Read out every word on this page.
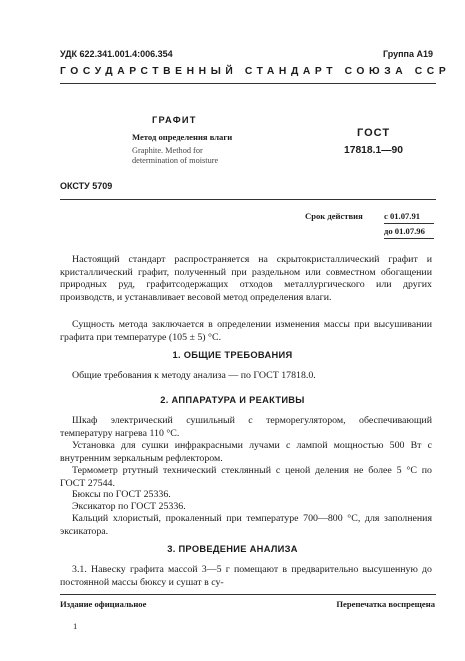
УДК 622.341.001.4:006.354	Группа А19
ГОСУДАРСТВЕННЫЙ СТАНДАРТ СОЮЗА ССР
ГРАФИТ
Метод определения влаги
Graphite. Method for
determination of moisture
ГОСТ
17818.1—90
ОКСТУ 5709
Срок действия с 01.07.91
до 01.07.96
Настоящий стандарт распространяется на скрытокристаллический графит и кристаллический графит, полученный при раздельном или совместном обогащении природных руд, графитсодержащих отходов металлургического или других производств, и устанавливает весовой метод определения влаги.
Сущность метода заключается в определении изменения массы при высушивании графита при температуре (105 ± 5) °С.
1. ОБЩИЕ ТРЕБОВАНИЯ
Общие требования к методу анализа — по ГОСТ 17818.0.
2. АППАРАТУРА И РЕАКТИВЫ
Шкаф электрический сушильный с терморегулятором, обеспечивающий температуру нагрева 110 °С.
Установка для сушки инфракрасными лучами с лампой мощностью 500 Вт с внутренним зеркальным рефлектором.
Термометр ртутный технический стеклянный с ценой деления не более 5 °С по ГОСТ 27544.
Бюксы по ГОСТ 25336.
Эксикатор по ГОСТ 25336.
Кальций хлористый, прокаленный при температуре 700—800 °С, для заполнения эксикатора.
3. ПРОВЕДЕНИЕ АНАЛИЗА
3.1. Навеску графита массой 3—5 г помещают в предварительно высушенную до постоянной массы бюксу и сушат в су-
Издание официальное	Перепечатка воспрещена
1
